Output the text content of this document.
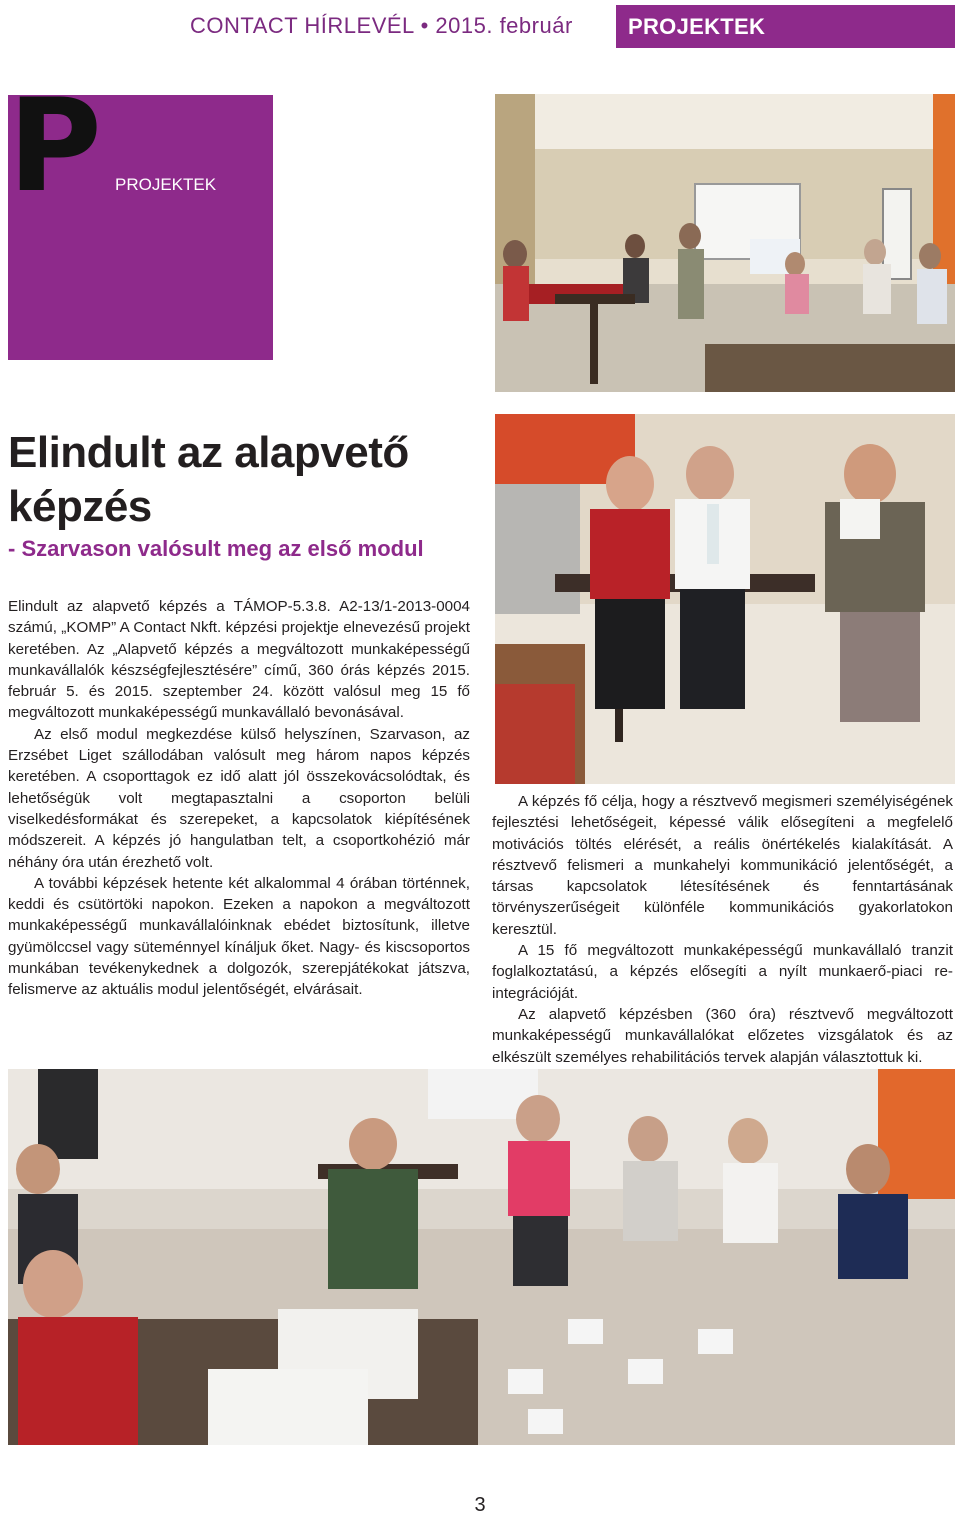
CONTACT HÍRLEVÉL • 2015. február	PROJEKTEK
P PROJEKTEK
Elindult az alapvető
képzés
- Szarvason valósult meg az első modul

Elindult az alapvető képzés a TÁMOP-5.3.8. A2-13/1-2013-0004 számú, „KOMP” A Contact Nkft. képzési projektje elnevezésű projekt keretében. Az „Alapvető képzés a megváltozott munkaképességű munkavállalók készségfejlesztésére” című, 360 órás képzés 2015. február 5. és 2015. szeptember 24. között valósul meg 15 fő megváltozott munkaképességű munkavállaló bevonásával.

Az első modul megkezdése külső helyszínen, Szarvason, az Erzsébet Liget szállodában valósult meg három napos képzés keretében. A csoporttagok ez idő alatt jól összekovácsolódtak, és lehetőségük volt megtapasztalni a csoporton belüli viselkedésformákat és szerepeket, a kapcsolatok kiépítésének módszereit. A képzés jó hangulatban telt, a csoportkohézió már néhány óra után érezhető volt.

A további képzések hetente két alkalommal 4 órában történnek, keddi és csütörtöki napokon. Ezeken a napokon a megváltozott munkaképességű munkavállalóinknak ebédet biztosítunk, illetve gyümölccsel vagy süteménnyel kínáljuk őket. Nagy- és kiscsoportos munkában tevékenykednek a dolgozók, szerepjátékokat játszva, felismerve az aktuális modul jelentőségét, elvárásait.

A képzés fő célja, hogy a résztvevő megismeri személyiségének fejlesztési lehetőségeit, képessé válik elősegíteni a megfelelő motivációs töltés elérését, a reális önértékelés kialakítását. A résztvevő felismeri a munkahelyi kommunikáció jelentőségét, a társas kapcsolatok létesítésének és fenntartásának törvényszerűségeit különféle kommunikációs gyakorlatokon keresztül.

A 15 fő megváltozott munkaképességű munkavállaló tranzit foglalkoztatású, a képzés elősegíti a nyílt munkaerő-piaci re-integrációját.

Az alapvető képzésben (360 óra) résztvevő megváltozott munkaképességű munkavállalókat előzetes vizsgálatok és az elkészült személyes rehabilitációs tervek alapján választottuk ki.

3
